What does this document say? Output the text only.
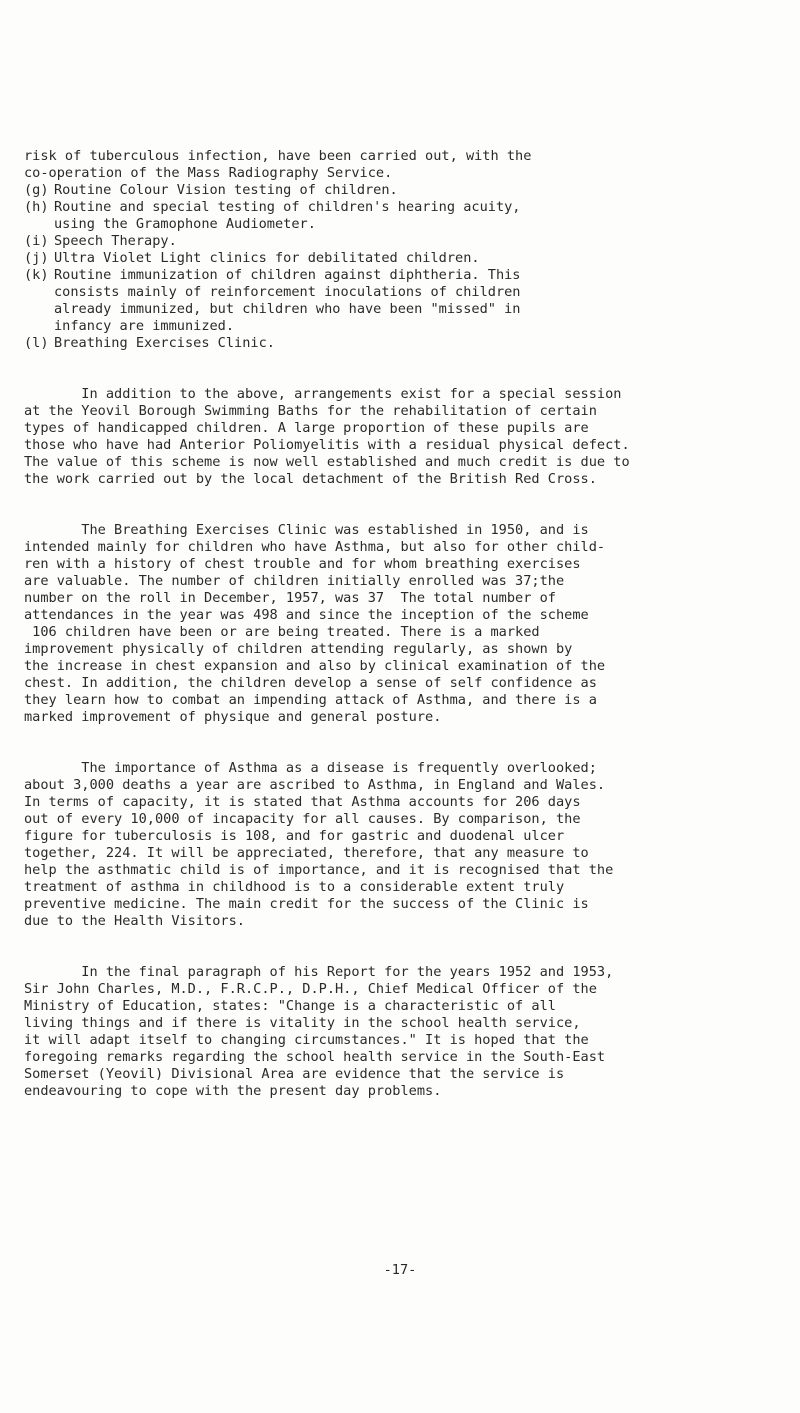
risk of tuberculous infection, have been carried out, with the
co-operation of the Mass Radiography Service.
(g) Routine Colour Vision testing of children.
(h) Routine and special testing of children's hearing acuity,
using the Gramophone Audiometer.
(i) Speech Therapy.
(j) Ultra Violet Light clinics for debilitated children.
(k) Routine immunization of children against diphtheria. This
consists mainly of reinforcement inoculations of children
already immunized, but children who have been "missed" in
infancy are immunized.
(l) Breathing Exercises Clinic.
In addition to the above, arrangements exist for a special session
at the Yeovil Borough Swimming Baths for the rehabilitation of certain
types of handicapped children. A large proportion of these pupils are
those who have had Anterior Poliomyelitis with a residual physical defect.
The value of this scheme is now well established and much credit is due to
the work carried out by the local detachment of the British Red Cross.
The Breathing Exercises Clinic was established in 1950, and is
intended mainly for children who have Asthma, but also for other child-
ren with a history of chest trouble and for whom breathing exercises
are valuable. The number of children initially enrolled was 37;the
number on the roll in December, 1957, was 37  The total number of
attendances in the year was 498 and since the inception of the scheme
106 children have been or are being treated. There is a marked
improvement physically of children attending regularly, as shown by
the increase in chest expansion and also by clinical examination of the
chest. In addition, the children develop a sense of self confidence as
they learn how to combat an impending attack of Asthma, and there is a
marked improvement of physique and general posture.
The importance of Asthma as a disease is frequently overlooked;
about 3,000 deaths a year are ascribed to Asthma, in England and Wales.
In terms of capacity, it is stated that Asthma accounts for 206 days
out of every 10,000 of incapacity for all causes. By comparison, the
figure for tuberculosis is 108, and for gastric and duodenal ulcer
together, 224. It will be appreciated, therefore, that any measure to
help the asthmatic child is of importance, and it is recognised that the
treatment of asthma in childhood is to a considerable extent truly
preventive medicine. The main credit for the success of the Clinic is
due to the Health Visitors.
In the final paragraph of his Report for the years 1952 and 1953,
Sir John Charles, M.D., F.R.C.P., D.P.H., Chief Medical Officer of the
Ministry of Education, states: "Change is a characteristic of all
living things and if there is vitality in the school health service,
it will adapt itself to changing circumstances." It is hoped that the
foregoing remarks regarding the school health service in the South-East
Somerset (Yeovil) Divisional Area are evidence that the service is
endeavouring to cope with the present day problems.
-17-
